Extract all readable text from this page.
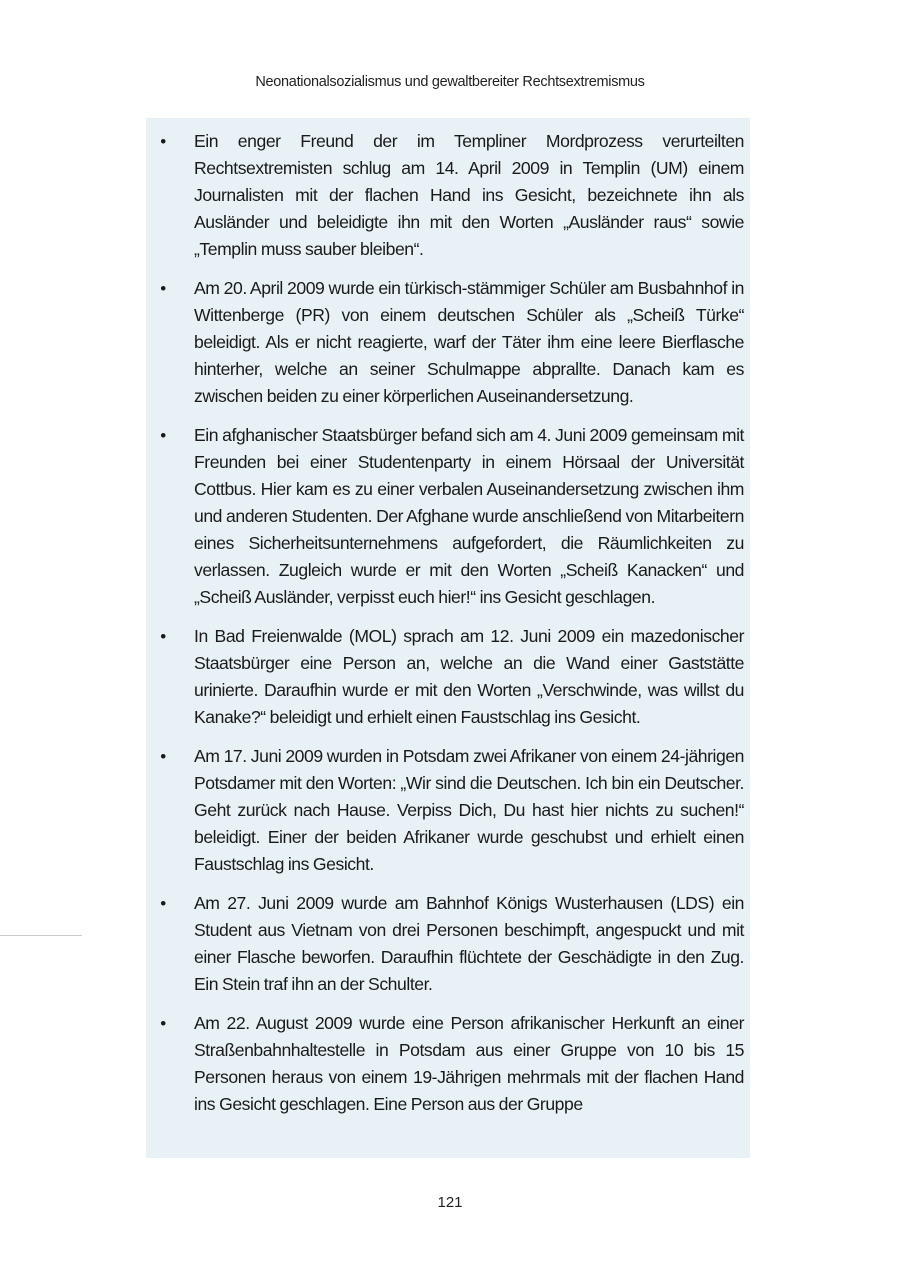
Neonationalsozialismus und gewaltbereiter Rechtsextremismus
• Ein enger Freund der im Templiner Mordprozess verurteilten Rechtsextremisten schlug am 14. April 2009 in Templin (UM) einem Journalisten mit der flachen Hand ins Gesicht, bezeichnete ihn als Ausländer und beleidigte ihn mit den Worten „Ausländer raus“ sowie „Templin muss sauber bleiben“.
• Am 20. April 2009 wurde ein türkisch-stämmiger Schüler am Busbahnhof in Wittenberge (PR) von einem deutschen Schüler als „Scheiß Türke“ beleidigt. Als er nicht reagierte, warf der Täter ihm eine leere Bierflasche hinterher, welche an seiner Schulmappe abprallte. Danach kam es zwischen beiden zu einer körperlichen Auseinandersetzung.
• Ein afghanischer Staatsbürger befand sich am 4. Juni 2009 gemeinsam mit Freunden bei einer Studentenparty in einem Hörsaal der Universität Cottbus. Hier kam es zu einer verbalen Auseinandersetzung zwischen ihm und anderen Studenten. Der Afghane wurde anschließend von Mitarbeitern eines Sicherheitsunternehmens aufgefordert, die Räumlichkeiten zu verlassen. Zugleich wurde er mit den Worten „Scheiß Kanacken“ und „Scheiß Ausländer, verpisst euch hier!“ ins Gesicht geschlagen.
• In Bad Freienwalde (MOL) sprach am 12. Juni 2009 ein mazedonischer Staatsbürger eine Person an, welche an die Wand einer Gaststätte urinierte. Daraufhin wurde er mit den Worten „Verschwinde, was willst du Kanake?“ beleidigt und erhielt einen Faustschlag ins Gesicht.
• Am 17. Juni 2009 wurden in Potsdam zwei Afrikaner von einem 24-jährigen Potsdamer mit den Worten: „Wir sind die Deutschen. Ich bin ein Deutscher. Geht zurück nach Hause. Verpiss Dich, Du hast hier nichts zu suchen!“ beleidigt. Einer der beiden Afrikaner wurde geschubst und erhielt einen Faustschlag ins Gesicht.
• Am 27. Juni 2009 wurde am Bahnhof Königs Wusterhausen (LDS) ein Student aus Vietnam von drei Personen beschimpft, angespuckt und mit einer Flasche beworfen. Daraufhin flüchtete der Geschädigte in den Zug. Ein Stein traf ihn an der Schulter.
• Am 22. August 2009 wurde eine Person afrikanischer Herkunft an einer Straßenbahnhaltestelle in Potsdam aus einer Gruppe von 10 bis 15 Personen heraus von einem 19-Jährigen mehrmals mit der flachen Hand ins Gesicht geschlagen. Eine Person aus der Gruppe
121
